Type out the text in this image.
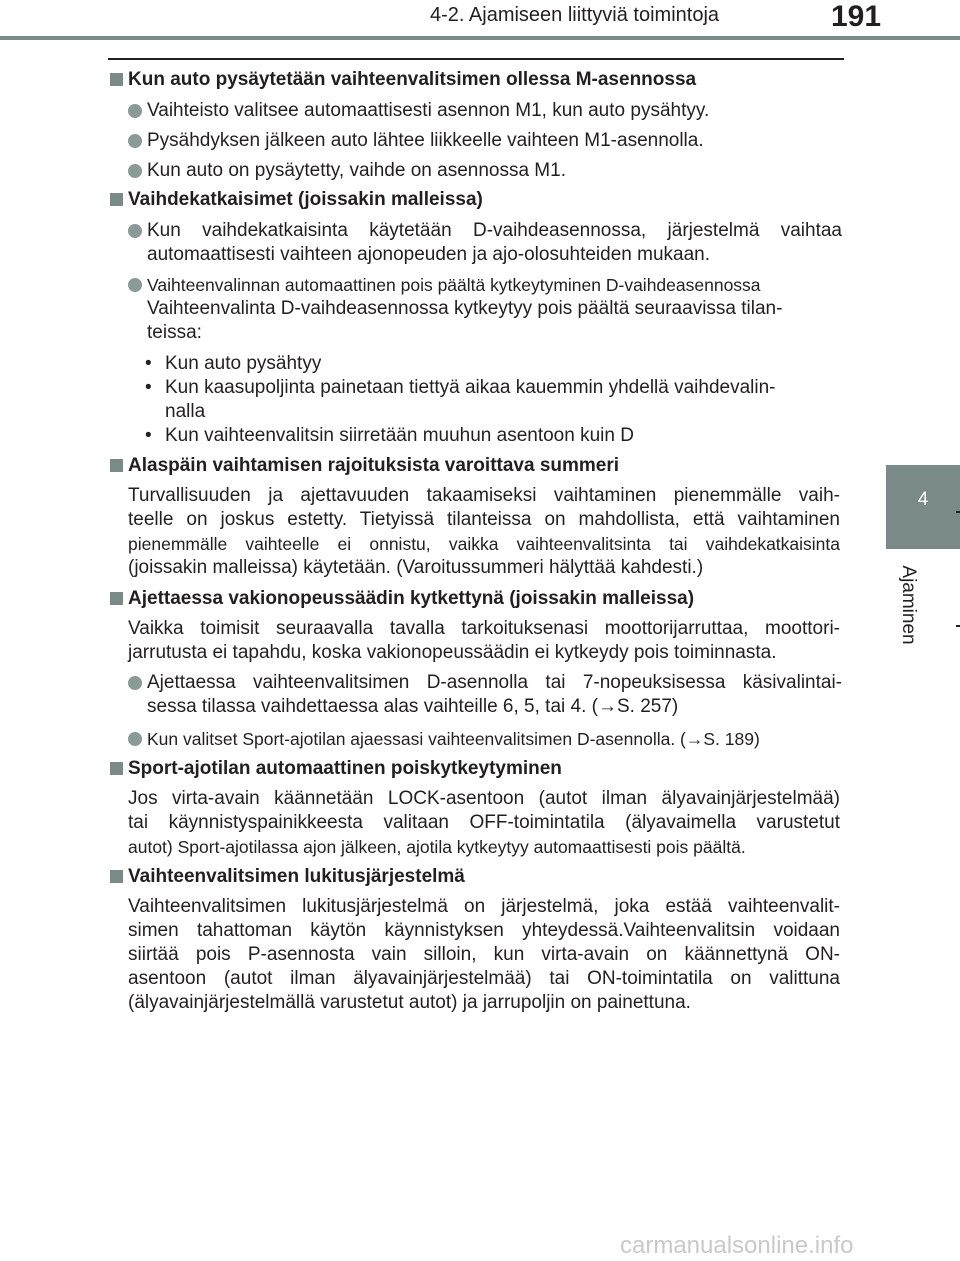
4-2. Ajamiseen liittyviä toimintoja	191
4
Ajaminen
Kun auto pysäytetään vaihteenvalitsimen ollessa M-asennossa
Vaihteisto valitsee automaattisesti asennon M1, kun auto pysähtyy.
Pysähdyksen jälkeen auto lähtee liikkeelle vaihteen M1-asennolla.
Kun auto on pysäytetty, vaihde on asennossa M1.
Vaihdekatkaisimet (joissakin malleissa)
Kun vaihdekatkaisinta käytetään D-vaihdeasennossa, järjestelmä vaihtaa
automaattisesti vaihteen ajonopeuden ja ajo-olosuhteiden mukaan.
Vaihteenvalinnan automaattinen pois päältä kytkeytyminen D-vaihdeasennossa
Vaihteenvalinta D-vaihdeasennossa kytkeytyy pois päältä seuraavissa tilan-
teissa:
• Kun auto pysähtyy
• Kun kaasupoljinta painetaan tiettyä aikaa kauemmin yhdellä vaihdevalin-
nalla
• Kun vaihteenvalitsin siirretään muuhun asentoon kuin D
Alaspäin vaihtamisen rajoituksista varoittava summeri
Turvallisuuden ja ajettavuuden takaamiseksi vaihtaminen pienemmälle vaih-
teelle on joskus estetty. Tietyissä tilanteissa on mahdollista, että vaihtaminen
pienemmälle vaihteelle ei onnistu, vaikka vaihteenvalitsinta tai vaihdekatkaisinta
(joissakin malleissa) käytetään. (Varoitussummeri hälyttää kahdesti.)
Ajettaessa vakionopeussäädin kytkettynä (joissakin malleissa)
Vaikka toimisit seuraavalla tavalla tarkoituksenasi moottorijarruttaa, moottori-
jarrutusta ei tapahdu, koska vakionopeussäädin ei kytkeydy pois toiminnasta.
Ajettaessa vaihteenvalitsimen D-asennolla tai 7-nopeuksisessa käsivalintai-
sessa tilassa vaihdettaessa alas vaihteille 6, 5, tai 4. (→S. 257)
Kun valitset Sport-ajotilan ajaessasi vaihteenvalitsimen D-asennolla. (→S. 189)
Sport-ajotilan automaattinen poiskytkeytyminen
Jos virta-avain käännetään LOCK-asentoon (autot ilman älyavainjärjestelmää)
tai käynnistyspainikkeesta valitaan OFF-toimintatila (älyavaimella varustetut
autot) Sport-ajotilassa ajon jälkeen, ajotila kytkeytyy automaattisesti pois päältä.
Vaihteenvalitsimen lukitusjärjestelmä
Vaihteenvalitsimen lukitusjärjestelmä on järjestelmä, joka estää vaihteenvalit-
simen tahattoman käytön käynnistyksen yhteydessä.Vaihteenvalitsin voidaan
siirtää pois P-asennosta vain silloin, kun virta-avain on käännettynä ON-
asentoon (autot ilman älyavainjärjestelmää) tai ON-toimintatila on valittuna
(älyavainjärjestelmällä varustetut autot) ja jarrupoljin on painettuna.
carmanualsonline.info
